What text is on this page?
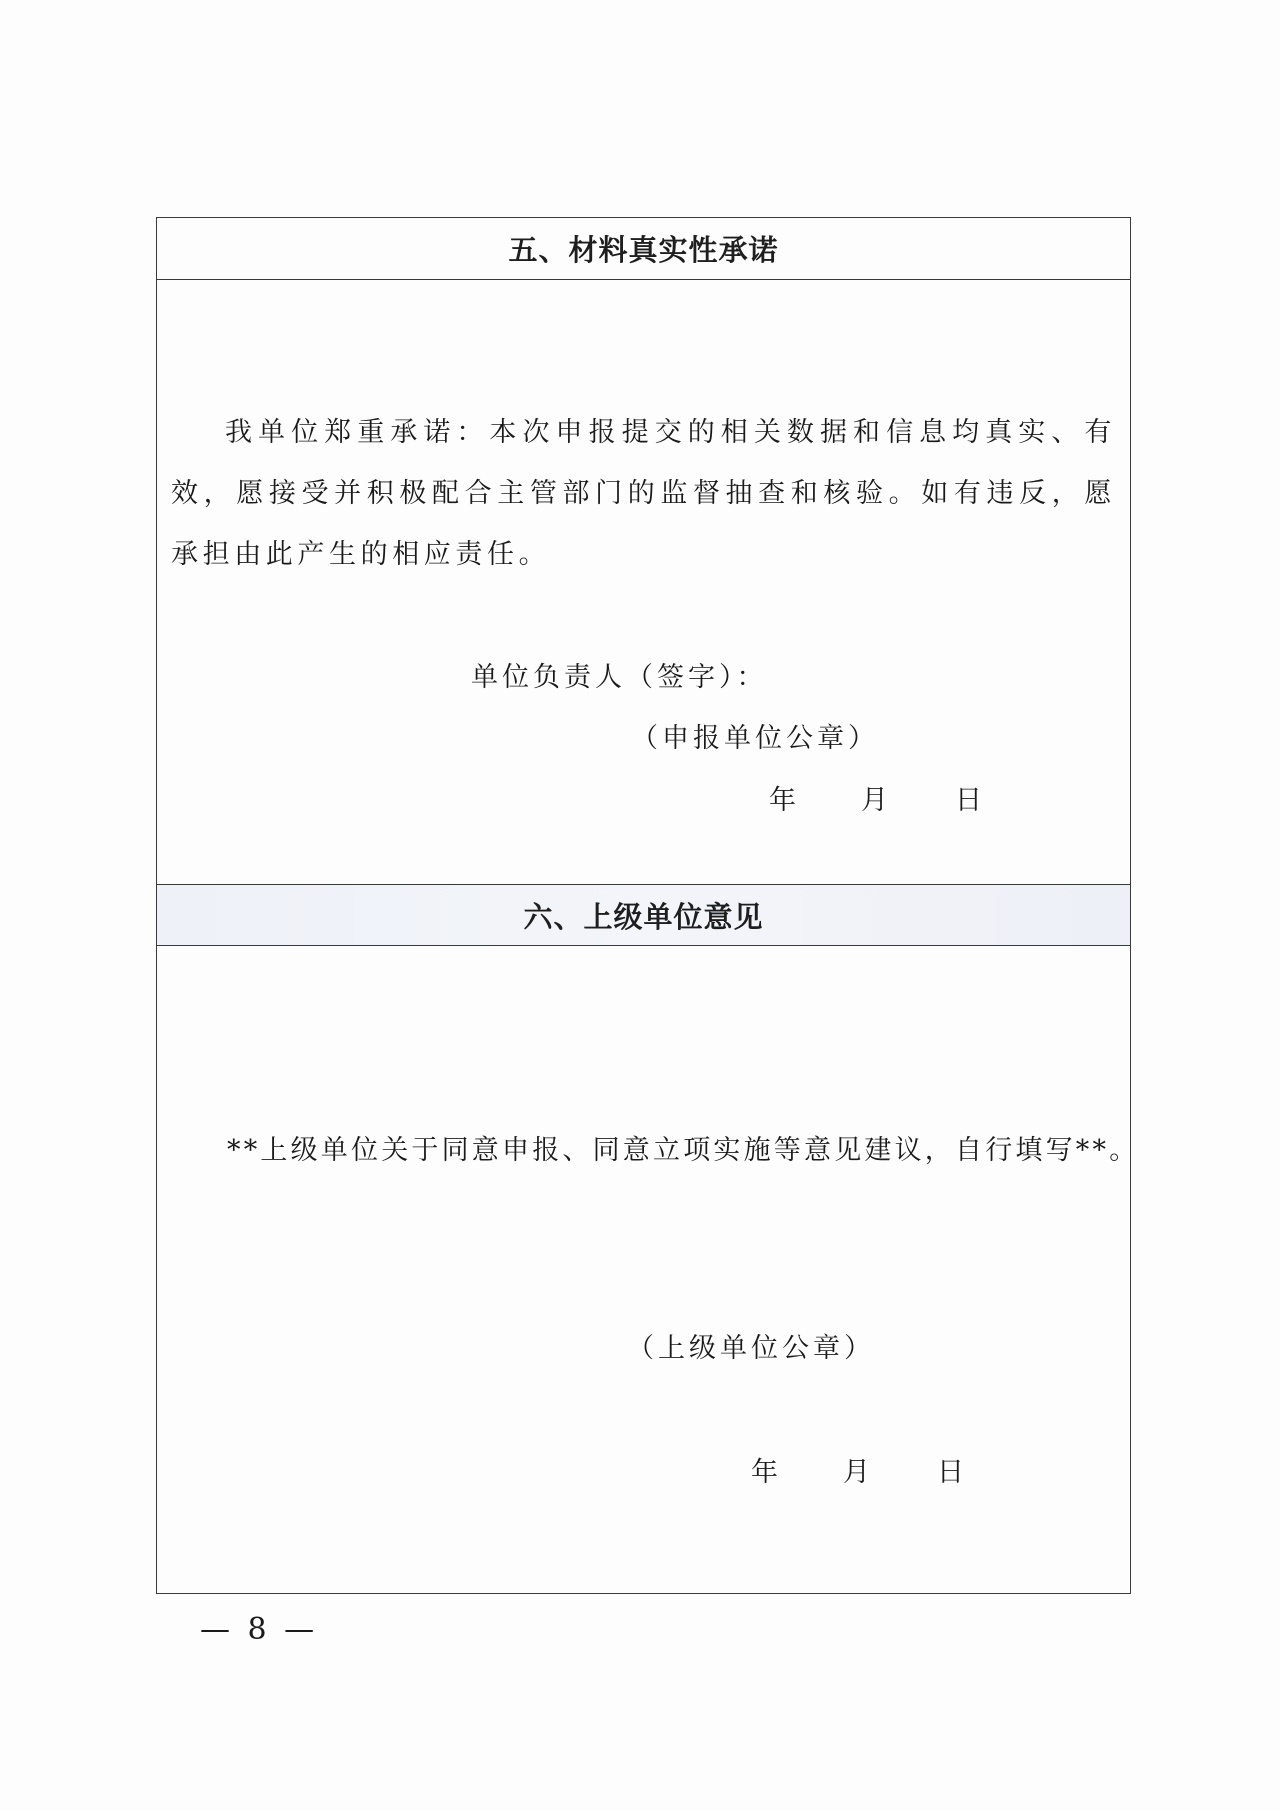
五、材料真实性承诺

我单位郑重承诺：本次申报提交的相关数据和信息均真实、有效，愿接受并积极配合主管部门的监督抽查和核验。如有违反，愿承担由此产生的相应责任。

单位负责人（签字）：
（申报单位公章）
年 月 日
六、上级单位意见
**上级单位关于同意申报、同意立项实施等意见建议，自行填写**。
（上级单位公章）
年 月 日
— 8 —
